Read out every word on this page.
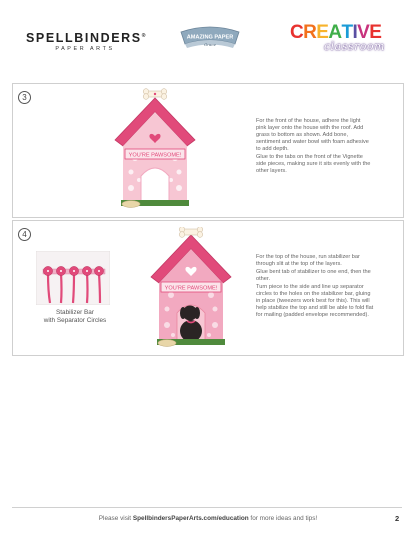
SPELLBINDERS®
PAPER ARTS
AMAZING PAPER
Grace
CREATIVE
classroom
3
YOU'RE PAWSOME!

For the front of the house, adhere the light pink layer onto the house with the roof. Add grass to bottom as shown. Add bone, sentiment and water bowl with foam adhesive to add depth.

Glue to the tabs on the front of the Vignette side pieces, making sure it sits evenly with the other layers.

4
Stabilizer Bar
with Separator Circles
YOU'RE PAWSOME!

For the top of the house, run stabilizer bar through slit at the top of the layers.

Glue bent tab of stabilizer to one end, then the other.

Turn piece to the side and line up separator circles to the holes on the stabilizer bar, gluing in place (tweezers work best for this). This will help stabilize the top and still be able to fold flat for mailing (padded envelope recommended).

Please visit SpellbindersPaperArts.com/education for more ideas and tips!	2
